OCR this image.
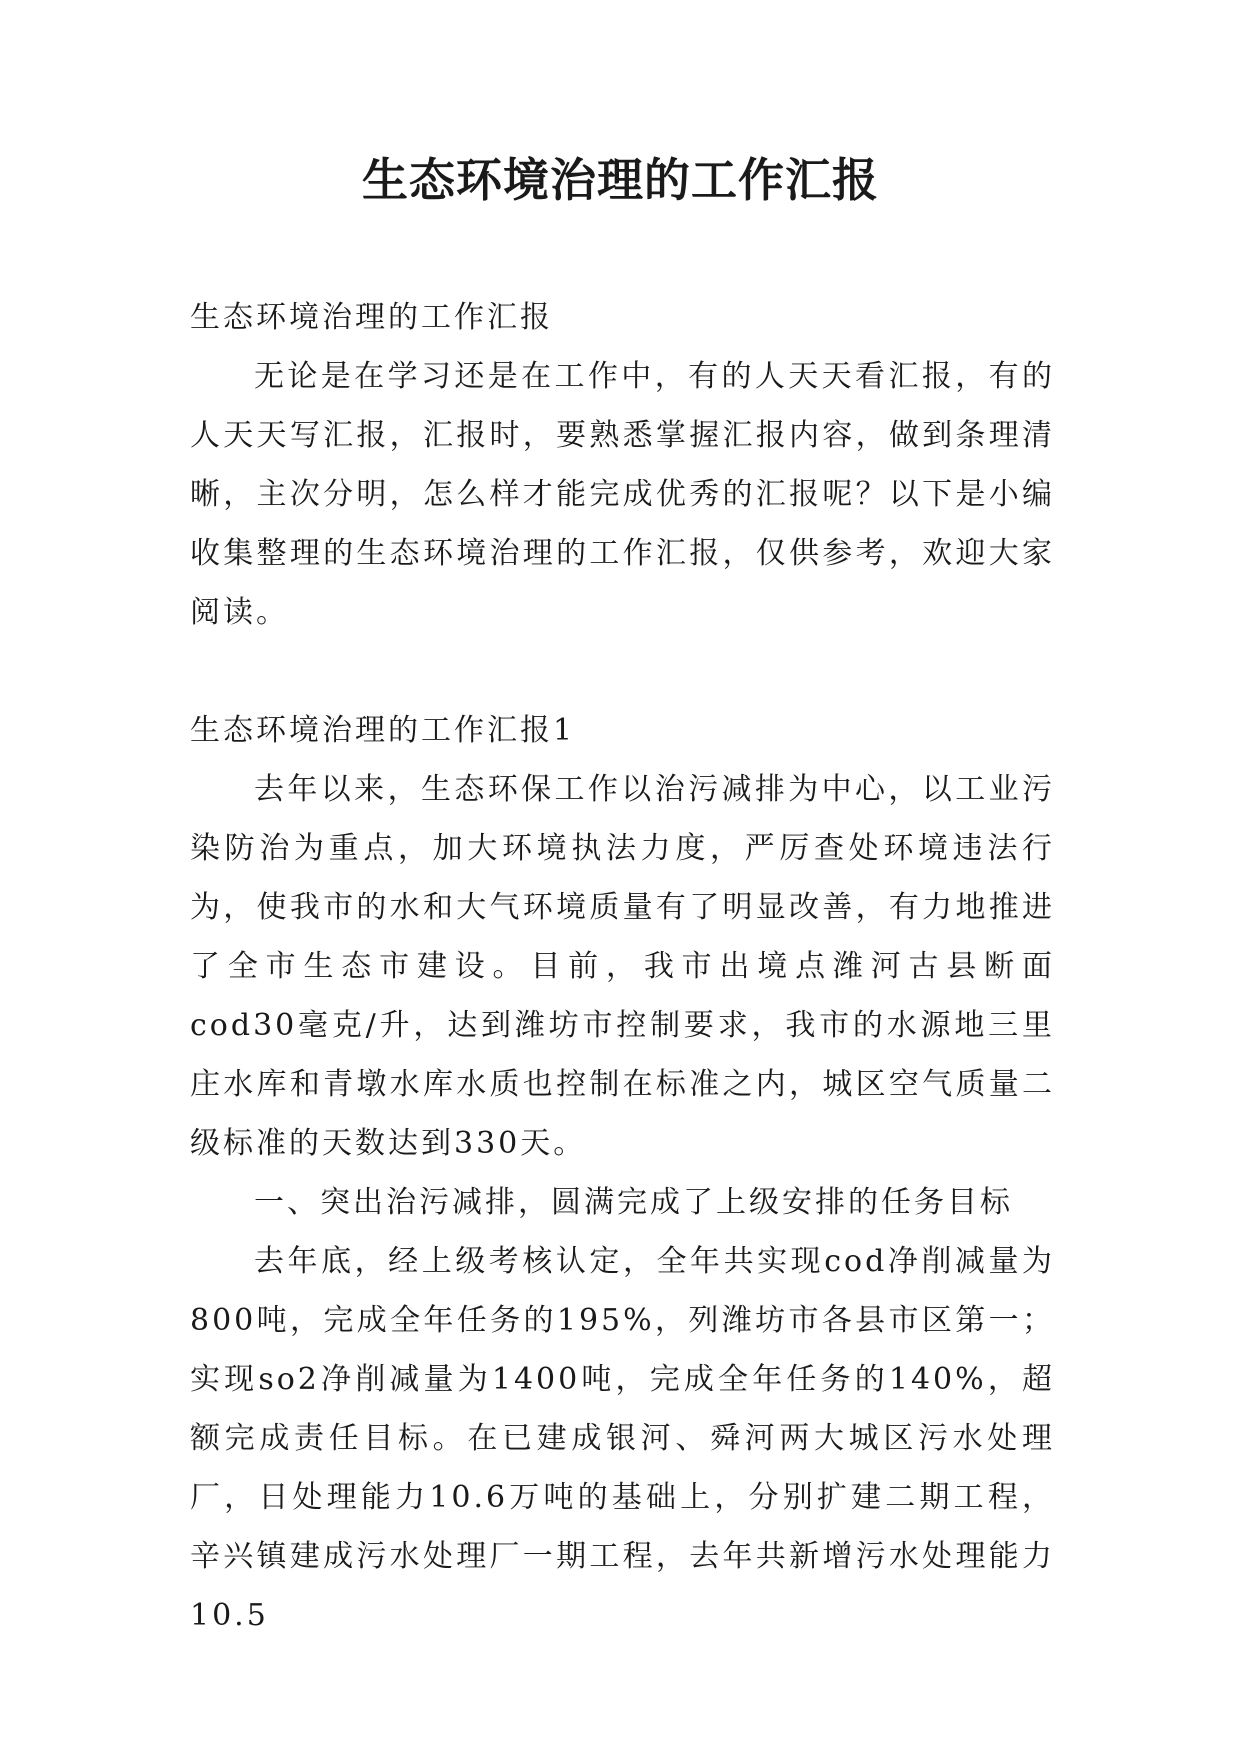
生态环境治理的工作汇报

生态环境治理的工作汇报

无论是在学习还是在工作中，有的人天天看汇报，有的人天天写汇报，汇报时，要熟悉掌握汇报内容，做到条理清晰，主次分明，怎么样才能完成优秀的汇报呢？以下是小编收集整理的生态环境治理的工作汇报，仅供参考，欢迎大家阅读。

生态环境治理的工作汇报1

去年以来，生态环保工作以治污减排为中心，以工业污染防治为重点，加大环境执法力度，严厉查处环境违法行为，使我市的水和大气环境质量有了明显改善，有力地推进了全市生态市建设。目前，我市出境点潍河古县断面cod30毫克/升，达到潍坊市控制要求，我市的水源地三里庄水库和青墩水库水质也控制在标准之内，城区空气质量二级标准的天数达到330天。

一、突出治污减排，圆满完成了上级安排的任务目标

去年底，经上级考核认定，全年共实现cod净削减量为800吨，完成全年任务的195%，列潍坊市各县市区第一；实现so2净削减量为1400吨，完成全年任务的140%，超额完成责任目标。在已建成银河、舜河两大城区污水处理厂，日处理能力10.6万吨的基础上，分别扩建二期工程，辛兴镇建成污水处理厂一期工程，去年共新增污水处理能力10.5
